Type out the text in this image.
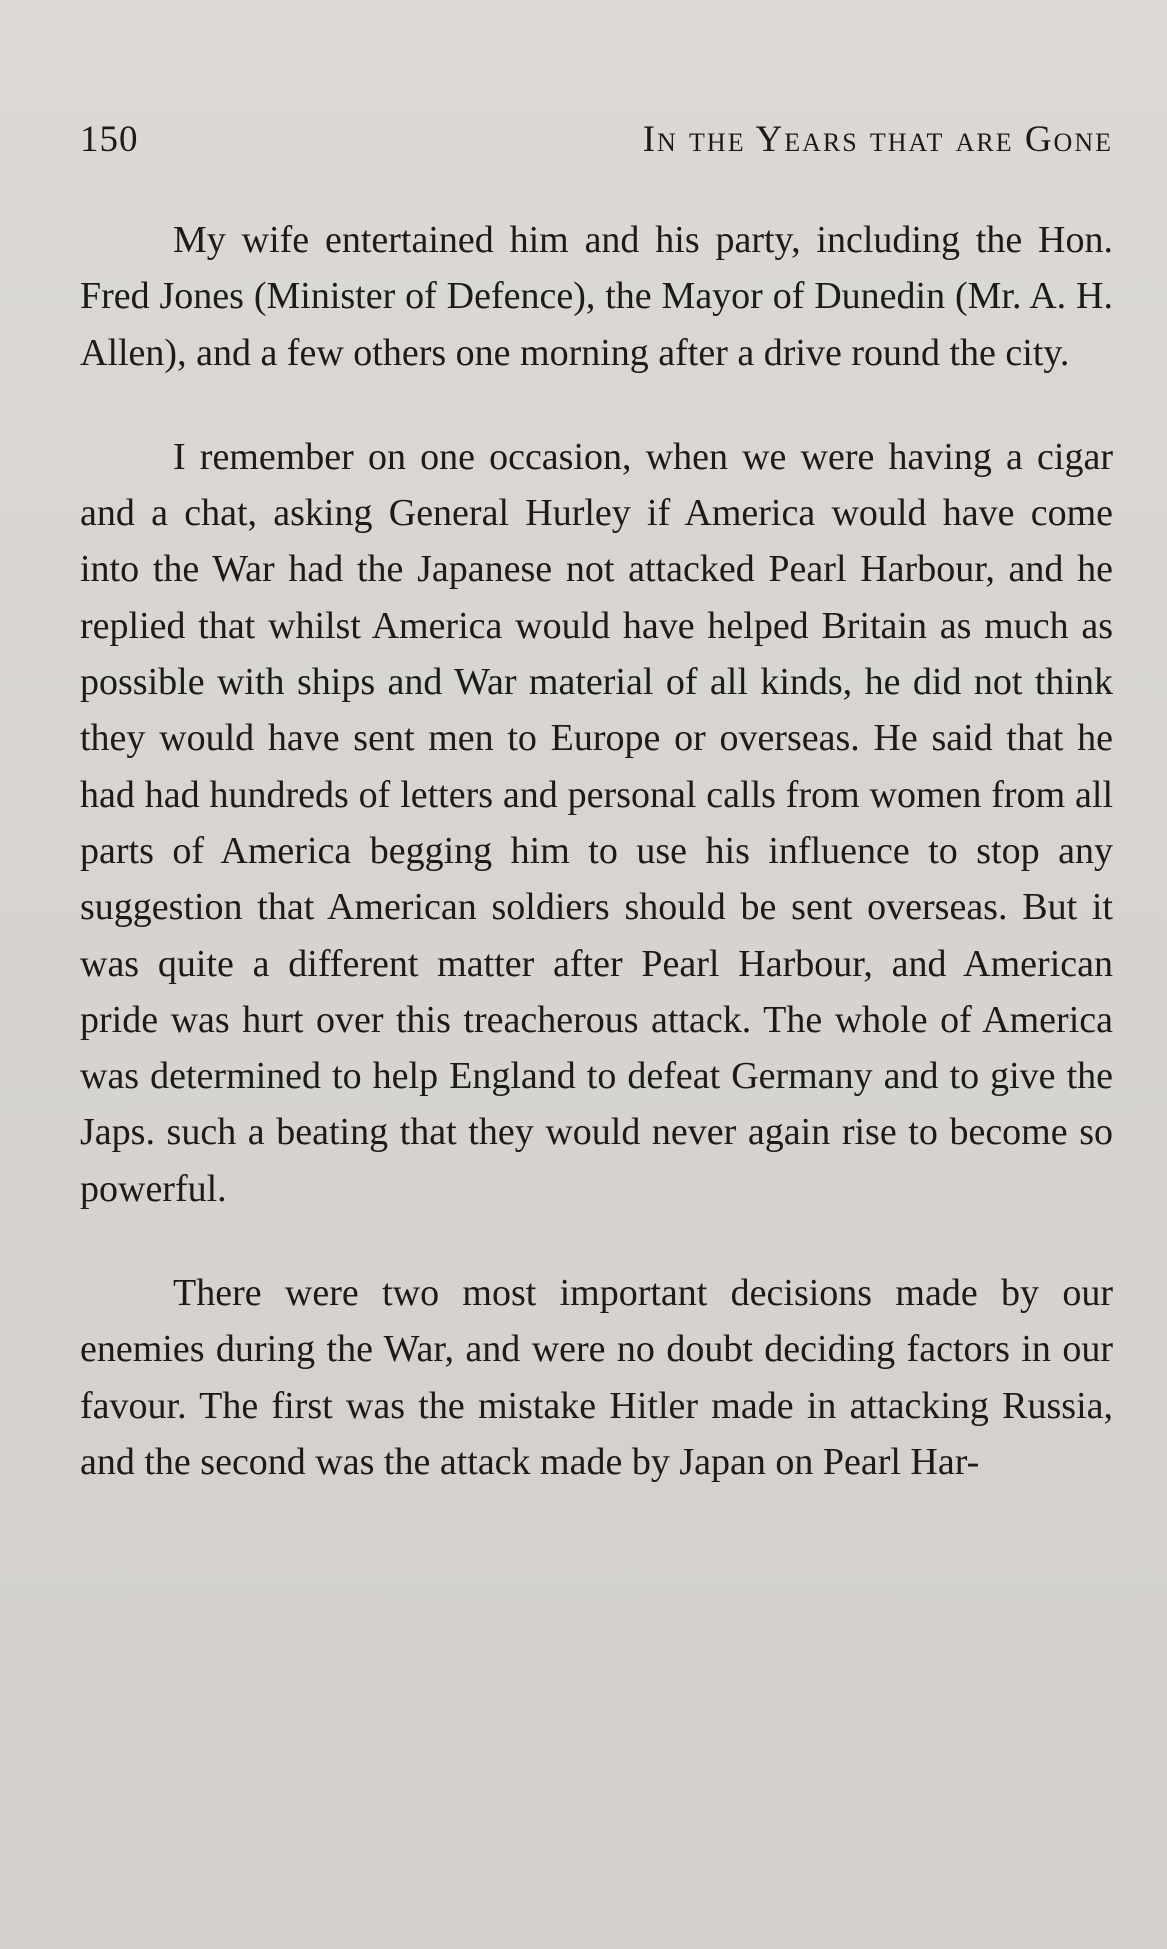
150	In the Years that are Gone

My wife entertained him and his party, including the Hon. Fred Jones (Minister of Defence), the Mayor of Dunedin (Mr. A. H. Allen), and a few others one morning after a drive round the city.

I remember on one occasion, when we were having a cigar and a chat, asking General Hurley if America would have come into the War had the Japanese not attacked Pearl Harbour, and he replied that whilst America would have helped Britain as much as possible with ships and War material of all kinds, he did not think they would have sent men to Europe or overseas. He said that he had had hundreds of letters and personal calls from women from all parts of America begging him to use his influence to stop any suggestion that American soldiers should be sent overseas. But it was quite a different matter after Pearl Harbour, and American pride was hurt over this treacherous attack. The whole of America was determined to help England to defeat Germany and to give the Japs. such a beating that they would never again rise to become so powerful.

There were two most important decisions made by our enemies during the War, and were no doubt deciding factors in our favour. The first was the mistake Hitler made in attacking Russia, and the second was the attack made by Japan on Pearl Har-
